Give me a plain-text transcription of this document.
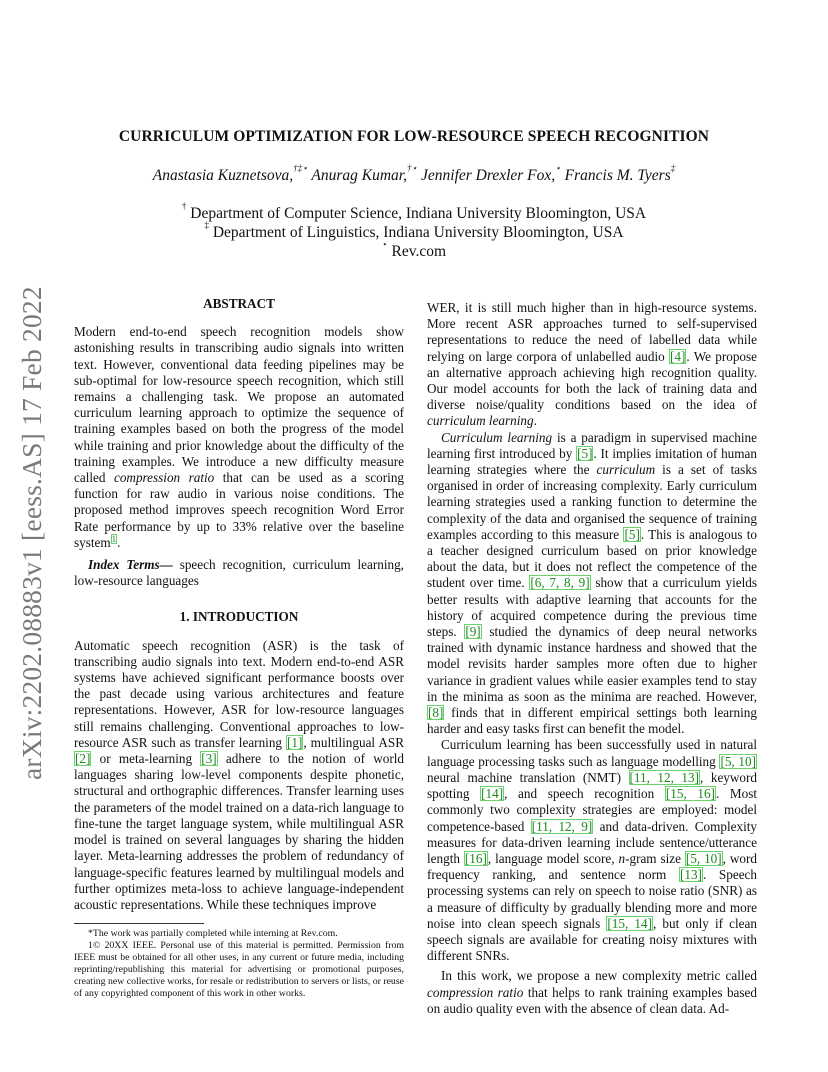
arXiv:2202.08883v1 [eess.AS] 17 Feb 2022
CURRICULUM OPTIMIZATION FOR LOW-RESOURCE SPEECH RECOGNITION
Anastasia Kuznetsova,†‡⋆ Anurag Kumar,†⋆ Jennifer Drexler Fox,⋆ Francis M. Tyers‡
† Department of Computer Science, Indiana University Bloomington, USA
‡ Department of Linguistics, Indiana University Bloomington, USA
⋆ Rev.com

ABSTRACT

Modern end-to-end speech recognition models show astonishing results in transcribing audio signals into written text. However, conventional data feeding pipelines may be sub-optimal for low-resource speech recognition, which still remains a challenging task. We propose an automated curriculum learning approach to optimize the sequence of training examples based on both the progress of the model while training and prior knowledge about the difficulty of the training examples. We introduce a new difficulty measure called compression ratio that can be used as a scoring function for raw audio in various noise conditions. The proposed method improves speech recognition Word Error Rate performance by up to 33% relative over the baseline system$^1$.

Index Terms— speech recognition, curriculum learning, low-resource languages

1. INTRODUCTION

Automatic speech recognition (ASR) is the task of transcribing audio signals into text. Modern end-to-end ASR systems have achieved significant performance boosts over the past decade using various architectures and feature representations. However, ASR for low-resource languages still remains challenging. Conventional approaches to low-resource ASR such as transfer learning [1], multilingual ASR [2] or meta-learning [3] adhere to the notion of world languages sharing low-level components despite phonetic, structural and orthographic differences. Transfer learning uses the parameters of the model trained on a data-rich language to fine-tune the target language system, while multilingual ASR model is trained on several languages by sharing the hidden layer. Meta-learning addresses the problem of redundancy of language-specific features learned by multilingual models and further optimizes meta-loss to achieve language-independent acoustic representations. While these techniques improve

*The work was partially completed while interning at Rev.com.

1© 20XX IEEE. Personal use of this material is permitted. Permission from IEEE must be obtained for all other uses, in any current or future media, including reprinting/republishing this material for advertising or promotional purposes, creating new collective works, for resale or redistribution to servers or lists, or reuse of any copyrighted component of this work in other works.

WER, it is still much higher than in high-resource systems. More recent ASR approaches turned to self-supervised representations to reduce the need of labelled data while relying on large corpora of unlabelled audio [4]. We propose an alternative approach achieving high recognition quality. Our model accounts for both the lack of training data and diverse noise/quality conditions based on the idea of curriculum learning.

Curriculum learning is a paradigm in supervised machine learning first introduced by [5]. It implies imitation of human learning strategies where the curriculum is a set of tasks organised in order of increasing complexity. Early curriculum learning strategies used a ranking function to determine the complexity of the data and organised the sequence of training examples according to this measure [5]. This is analogous to a teacher designed curriculum based on prior knowledge about the data, but it does not reflect the competence of the student over time. [6, 7, 8, 9] show that a curriculum yields better results with adaptive learning that accounts for the history of acquired competence during the previous time steps. [9] studied the dynamics of deep neural networks trained with dynamic instance hardness and showed that the model revisits harder samples more often due to higher variance in gradient values while easier examples tend to stay in the minima as soon as the minima are reached. However, [8] finds that in different empirical settings both learning harder and easy tasks first can benefit the model.

Curriculum learning has been successfully used in natural language processing tasks such as language modelling [5, 10] neural machine translation (NMT) [11, 12, 13], keyword spotting [14], and speech recognition [15, 16]. Most commonly two complexity strategies are employed: model competence-based [11, 12, 9] and data-driven. Complexity measures for data-driven learning include sentence/utterance length [16], language model score, n-gram size [5, 10], word frequency ranking, and sentence norm [13]. Speech processing systems can rely on speech to noise ratio (SNR) as a measure of difficulty by gradually blending more and more noise into clean speech signals [15, 14], but only if clean speech signals are available for creating noisy mixtures with different SNRs.

In this work, we propose a new complexity metric called compression ratio that helps to rank training examples based on audio quality even with the absence of clean data. Ad-
